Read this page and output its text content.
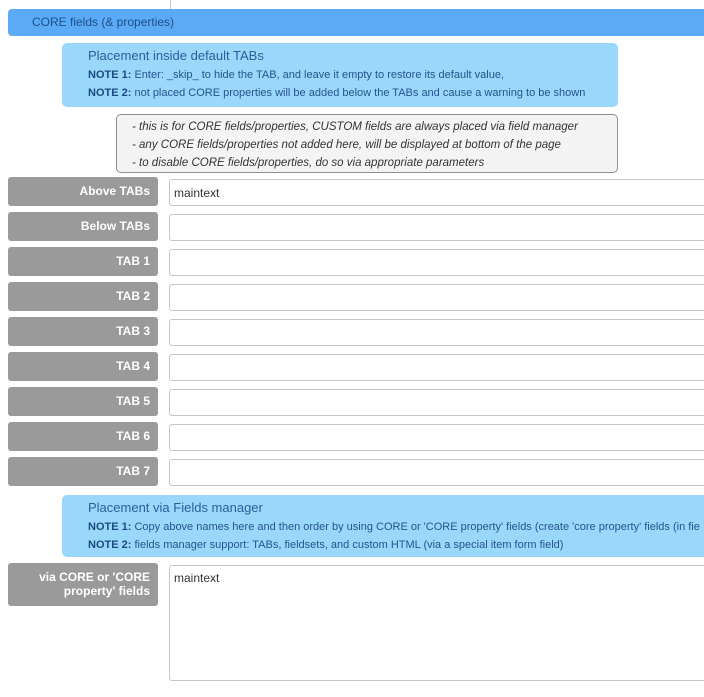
CORE fields (& properties)
Placement inside default TABs
NOTE 1: Enter: _skip_ to hide the TAB, and leave it empty to restore its default value,
NOTE 2: not placed CORE properties will be added below the TABs and cause a warning to be shown
- this is for CORE fields/properties, CUSTOM fields are always placed via field manager
- any CORE fields/properties not added here, will be displayed at bottom of the page
- to disable CORE fields/properties, do so via appropriate parameters
Above TABs
maintext
Below TABs
TAB 1
TAB 2
TAB 3
TAB 4
TAB 5
TAB 6
TAB 7
Placement via Fields manager
NOTE 1: Copy above names here and then order by using CORE or 'CORE property' fields (create 'core property' fields (in fie
NOTE 2: fields manager support: TABs, fieldsets, and custom HTML (via a special item form field)
via CORE or 'CORE property' fields
maintext
